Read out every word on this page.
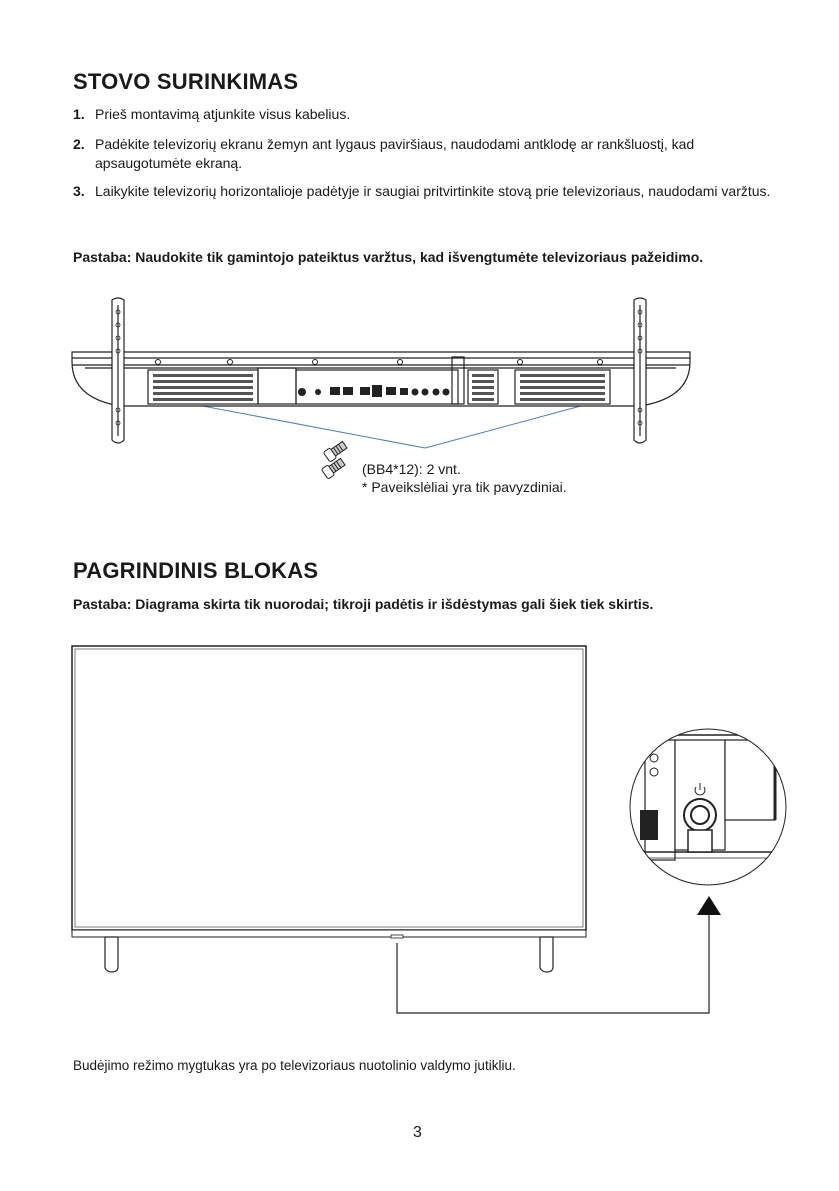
STOVO SURINKIMAS
1. Prieš montavimą atjunkite visus kabelius.
2. Padėkite televizorių ekranu žemyn ant lygaus paviršiaus, naudodami antklodę ar rankšluostį, kad apsaugotumėte ekraną.
3. Laikykite televizorių horizontalioje padėtyje ir saugiai pritvirtinkite stovą prie televizoriaus, naudodami varžtus.
Pastaba: Naudokite tik gamintojo pateiktus varžtus, kad išvengtumėte televizoriaus pažeidimo.
(BB4*12): 2 vnt.
* Paveikslėliai yra tik pavyzdiniai.
PAGRINDINIS BLOKAS
Pastaba: Diagrama skirta tik nuorodai; tikroji padėtis ir išdėstymas gali šiek tiek skirtis.
Budėjimo režimo mygtukas yra po televizoriaus nuotolinio valdymo jutikliu.
3
